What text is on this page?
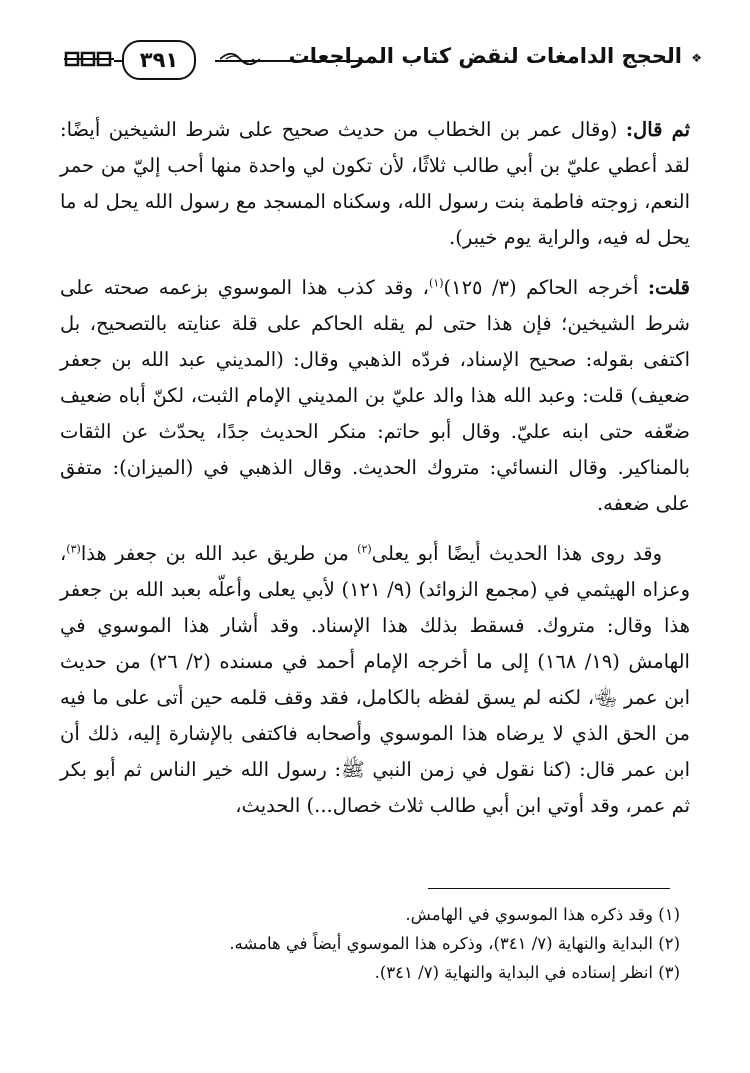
❖
الحجج الدامغات لنقض كتاب المراجعات
٣٩١

ثم قال: (وقال عمر بن الخطاب من حديث صحيح على شرط الشيخين أيضًا: لقد أعطي عليّ بن أبي طالب ثلاثًا، لأن تكون لي واحدة منها أحب إليّ من حمر النعم، زوجته فاطمة بنت رسول الله، وسكناه المسجد مع رسول الله يحل له ما يحل له فيه، والراية يوم خيبر).

قلت: أخرجه الحاكم (٣/ ١٢٥)$^{(١)}$، وقد كذب هذا الموسوي بزعمه صحته على شرط الشيخين؛ فإن هذا حتى لم يقله الحاكم على قلة عنايته بالتصحيح، بل اكتفى بقوله: صحيح الإسناد، فردّه الذهبي وقال: (المديني عبد الله بن جعفر ضعيف) قلت: وعبد الله هذا والد عليّ بن المديني الإمام الثبت، لكنّ أباه ضعيف ضعّفه حتى ابنه عليّ. وقال أبو حاتم: منكر الحديث جدًا، يحدّث عن الثقات بالمناكير. وقال النسائي: متروك الحديث. وقال الذهبي في (الميزان): متفق على ضعفه.

وقد روى هذا الحديث أيضًا أبو يعلى$^{(٢)}$ من طريق عبد الله بن جعفر هذا$^{(٣)}$، وعزاه الهيثمي في (مجمع الزوائد) (٩/ ١٢١) لأبي يعلى وأعلّه بعبد الله بن جعفر هذا وقال: متروك. فسقط بذلك هذا الإسناد. وقد أشار هذا الموسوي في الهامش (١٩/ ١٦٨) إلى ما أخرجه الإمام أحمد في مسنده (٢/ ٢٦) من حديث ابن عمر ﵄، لكنه لم يسق لفظه بالكامل، فقد وقف قلمه حين أتى على ما فيه من الحق الذي لا يرضاه هذا الموسوي وأصحابه فاكتفى بالإشارة إليه، ذلك أن ابن عمر قال: (كنا نقول في زمن النبي ﷺ: رسول الله خير الناس ثم أبو بكر ثم عمر، وقد أوتي ابن أبي طالب ثلاث خصال...) الحديث،

(١) وقد ذكره هذا الموسوي في الهامش.
(٢) البداية والنهاية (٧/ ٣٤١)، وذكره هذا الموسوي أيضاً في هامشه.
(٣) انظر إسناده في البداية والنهاية (٧/ ٣٤١).
